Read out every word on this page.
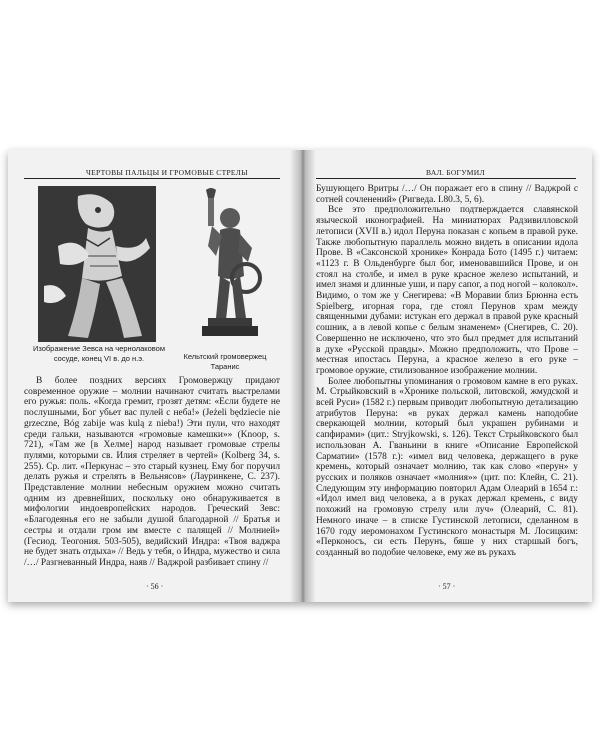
ЧЕРТОВЫ ПАЛЬЦЫ И ГРОМОВЫЕ СТРЕЛЫ
Изображение Зевса на чернолаковом сосуде, конец VI в. до н.э.	Кельтский громовержец Таранис

В более поздних версиях Громовержцу придают современное оружие – молнии начинают считать выстрелами его ружья: поль. «Когда гремит, грозят детям: «Если будете не послушными, Бог убьет вас пулей с неба!» (Jeżeli będziecie nie grzeczne, Bóg zabije was kulą z nieba!) Эти пули, что находят среди гальки, называются «громовые камешки»» (Knoop, s. 721), «Там же [в Хелме] народ называет громовые стрелы пулями, которыми св. Илия стреляет в чертей» (Kolberg 34, s. 255). Ср. лит. «Перкунас – это старый кузнец. Ему бог поручил делать ружья и стрелять в Вельнясов» (Лауринкене, С. 237). Представление молнии небесным оружием можно считать одним из древнейших, поскольку оно обнаруживается в мифологии индоевропейских народов. Греческий Зевс: «Благодеянья его не забыли душой благодарной // Братья и сестры и отдали гром им вместе с палящей // Молнией» (Гесиод. Теогония. 503-505), ведийский Индра: «Твоя ваджра не будет знать отдыха» // Ведь у тебя, о Индра, мужество и сила /…/ Разгневанный Индра, наяв // Ваджрой разбивает спину //

· 56 ·
ВАЛ. БОГУМИЛ

Бушующего Вритры /…/ Он поражает его в спину // Ваджрой с сотней сочленений» (Ригведа. I.80.3, 5, 6).

Все это предположительно подтверждается славянской языческой иконографией. На миниатюрах Радзивилловской летописи (XVII в.) идол Перуна показан с копьем в правой руке. Также любопытную параллель можно видеть в описании идола Прове. В «Саксонской хронике» Конрада Бото (1495 г.) читаем: «1123 г. В Ольденбурге был бог, именовавшийся Прове, и он стоял на столбе, и имел в руке красное железо испытаний, и имел знамя и длинные уши, и пару сапог, а под ногой – колокол». Видимо, о том же у Снегирева: «В Моравии близ Брюнна есть Spielberg, игорная гора, где стоял Перунов храм между священными дубами: истукан его держал в правой руке красный сошник, а в левой копье с белым знаменем» (Снегирев, С. 20). Совершенно не исключено, что это был предмет для испытаний в духе «Русской правды». Можно предположить, что Прове – местная ипостась Перуна, а красное железо в его руке – громовое оружие, стилизованное изображение молнии.

Более любопытны упоминания о громовом камне в его руках. М. Стрыйковский в «Хронике польской, литовской, жмудской и всей Руси» (1582 г.) первым приводит любопытную детализацию атрибутов Перуна: «в руках держал камень наподобие сверкающей молнии, который был украшен рубинами и сапфирами» (цит.: Stryjkowski, s. 126). Текст Стрыйковского был использован А. Гваньини в книге «Описание Европейской Сарматии» (1578 г.): «имел вид человека, держащего в руке кремень, который означает молнию, так как слово «перун» у русских и поляков означает «молния»» (цит. по: Клейн, С. 21). Следующим эту информацию повторил Адам Олеарий в 1654 г.: «Идол имел вид человека, а в руках держал кремень, с виду похожий на громовую стрелу или луч» (Олеарий, С. 81). Немного иначе – в списке Густинской летописи, сделанном в 1670 году иеромонахом Густинского монастыря М. Лосицким: «Перконосъ, си есть Перунъ, бяше у них старшый богъ, созданный во подобие человеке, ему же въ рукахъ

· 57 ·
